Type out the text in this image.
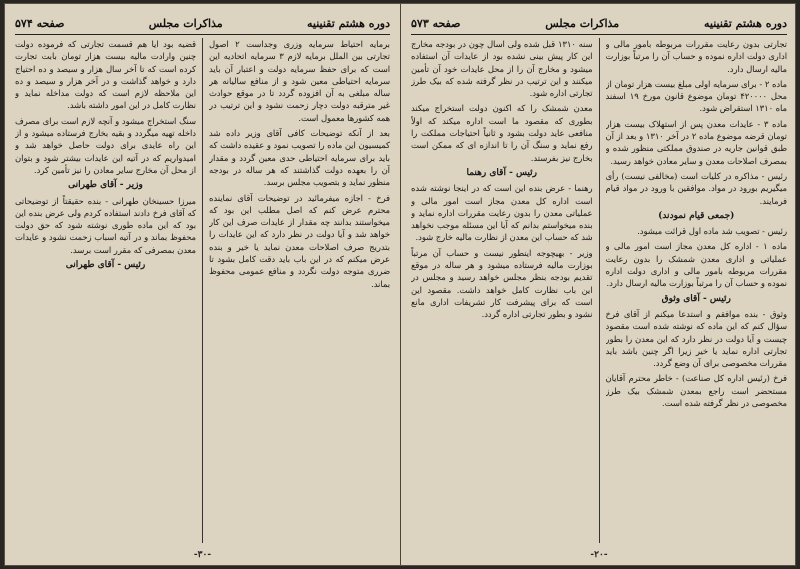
دوره هشتم تقنینیه
مذاکرات مجلس
صفحه ۵۷۴

برمایه احتیاط سرمایه وزری وجداست ۲ اصول تجارتی بین الملل برمایه لازم ۳ سرمایه اتحادیه این است که برای حفظ سرمایه دولت و اعتبار آن باید سرمایه احتیاطی معین شود و از منافع سالیانه هر ساله مبلغی به آن افزوده گردد تا در موقع حوادث غیر مترقبه دولت دچار زحمت نشود و این ترتیب در همه کشورها معمول است.

بعد از آنکه توضیحات کافی آقای وزیر داده شد کمیسیون این ماده را تصویب نمود و عقیده داشت که باید برای سرمایه احتیاطی حدی معین گردد و مقدار آن را بعهده دولت گذاشتند که هر ساله در بودجه منظور نماید و بتصویب مجلس برسد.

فرخ - اجازه میفرمائید در توضیحات آقای نماینده محترم عرض کنم که اصل مطلب این بود که میخواستند بدانند چه مقدار از عایدات صرف این کار خواهد شد و آیا دولت در نظر دارد که این عایدات را بتدریج صرف اصلاحات معدن نماید یا خیر و بنده عرض میکنم که در این باب باید دقت کامل بشود تا ضرری متوجه دولت نگردد و منافع عمومی محفوظ بماند.

قضیه بود ایا هم قسمت تجارتی که فرموده دولت چنین وارادت مالیه بیست هزار تومان بابت تجارت کرده است که تا آخر سال هزار و سیصد و ده احتیاج دارد و خواهد گذاشت و در آخر هزار و سیصد و ده این ملاحظه لازم است که دولت مداخله نماید و نظارت کامل در این امور داشته باشد.

سنگ استخراج میشود و آنچه لازم است برای مصرف داخله تهیه میگردد و بقیه بخارج فرستاده میشود و از این راه عایدی برای دولت حاصل خواهد شد و امیدواریم که در آتیه این عایدات بیشتر شود و بتوان از محل آن مخارج سایر معادن را نیز تأمین کرد.

وزیر - آقای طهرانی

میرزا حسینخان طهرانی - بنده حقیقتاً از توضیحاتی که آقای فرخ دادند استفاده کردم ولی عرض بنده این بود که این ماده طوری نوشته شود که حق دولت محفوظ بماند و در آتیه اسباب زحمت نشود و عایدات معدن بمصرفی که مقرر است برسد.

رئیس - آقای طهرانی
-۳۰-
دوره هشتم تقنینیه
مذاکرات مجلس
صفحه ۵۷۳

تجارتی بدون رعایت مقررات مربوطه بامور مالی و اداری دولت اداره نموده و حساب آن را مرتباً بوزارت مالیه ارسال دارد.

ماده ۲ - برای سرمایه اولی مبلغ بیست هزار تومان از محل ۴۲۰۰۰۰ تومان موضوع قانون مورخ ۱۹ اسفند ماه ۱۳۱۰ استقراض شود.

ماده ۳ - عایدات معدن پس از استهلاک بیست هزار تومان قرضه موضوع ماده ۲ در آخر ۱۳۱۰ و بعد از آن طبق قوانین جاریه در صندوق مملکتی منظور شده و بمصرف اصلاحات معدن و سایر معادن خواهد رسید.

رئیس - مذاکره در کلیات است (مخالفی نیست) رأی میگیریم بورود در مواد. موافقین با ورود در مواد قیام فرمایند.

(جمعی قیام نمودند)

رئیس - تصویب شد ماده اول قرائت میشود.

ماده ۱ - اداره کل معدن مجاز است امور مالی و عملیاتی و اداری معدن شمشک را بدون رعایت مقررات مربوطه بامور مالی و اداری دولت اداره نموده و حساب آن را مرتباً بوزارت مالیه ارسال دارد.

رئیس - آقای وثوق

وثوق - بنده موافقم و استدعا میکنم از آقای فرخ سؤال کنم که این ماده که نوشته شده است مقصود چیست و آیا دولت در نظر دارد که این معدن را بطور تجارتی اداره نماید یا خیر زیرا اگر چنین باشد باید مقررات مخصوصی برای آن وضع گردد.

فرخ (رئیس اداره کل صناعت) - خاطر محترم آقایان مستحضر است راجع بمعدن شمشک بیک طرز مخصوصی در نظر گرفته شده است.

سنه ۱۳۱۰ قبل شده ولی اسال چون در بودجه مخارج این کار پیش بینی نشده بود از عایدات آن استفاده میشود و مخارج آن را از محل عایدات خود آن تأمین میکنند و این ترتیب در نظر گرفته شده که بیک طرز تجارتی اداره شود.

معدن شمشک را که اکنون دولت استخراج میکند بطوری که مقصود ما است اداره میکند که اولاً منافعی عاید دولت بشود و ثانیاً احتیاجات مملکت را رفع نماید و سنگ آن را تا اندازه ای که ممکن است بخارج نیز بفرستد.

رئیس - آقای رهنما

رهنما - عرض بنده این است که در اینجا نوشته شده است اداره کل معدن مجاز است امور مالی و عملیاتی معدن را بدون رعایت مقررات اداره نماید و بنده میخواستم بدانم که آیا این مسئله موجب نخواهد شد که حساب این معدن از نظارت مالیه خارج شود.

وزیر - بهیچوجه اینطور نیست و حساب آن مرتباً بوزارت مالیه فرستاده میشود و هر ساله در موقع تقدیم بودجه بنظر مجلس خواهد رسید و مجلس در این باب نظارت کامل خواهد داشت. مقصود این است که برای پیشرفت کار تشریفات اداری مانع نشود و بطور تجارتی اداره گردد.

-۲۰-
